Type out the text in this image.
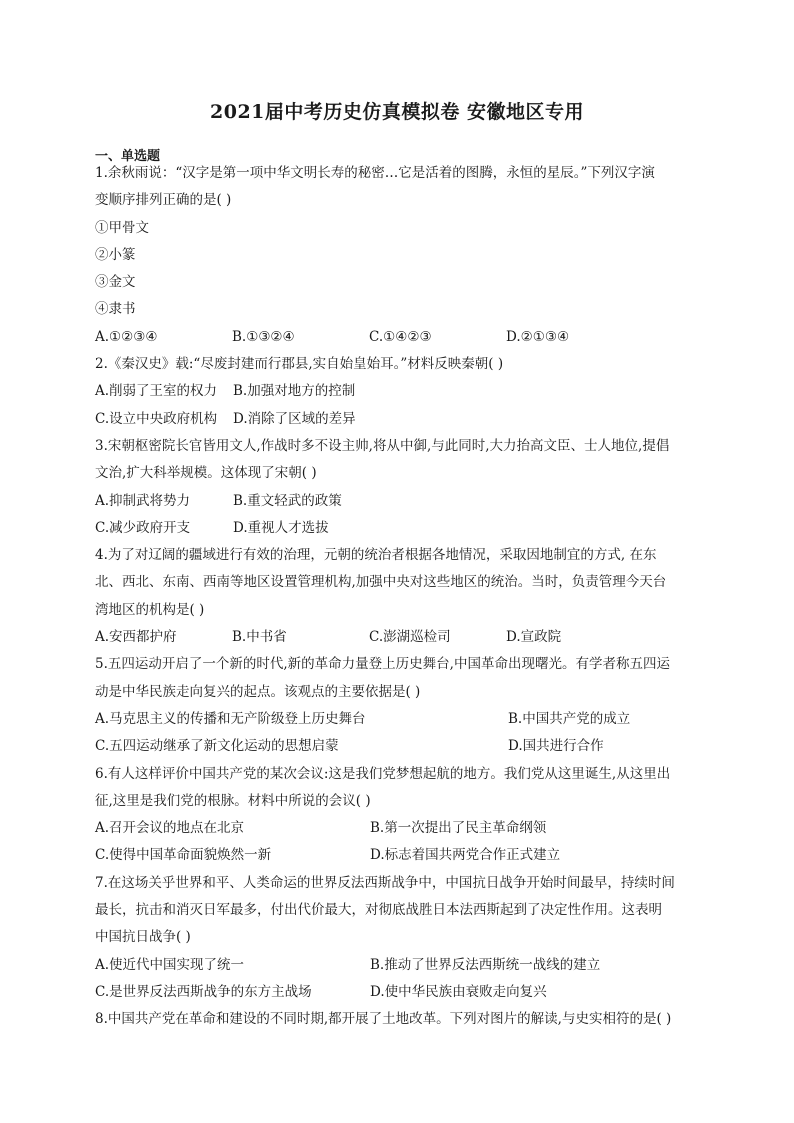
2021届中考历史仿真模拟卷 安徽地区专用
一、单选题
1.余秋雨说：“汉字是第一项中华文明长寿的秘密…它是活着的图腾，永恒的星辰。”下列汉字演
变顺序排列正确的是( )
①甲骨文
②小篆
③金文
④隶书
A.①②③④	B.①③②④	C.①④②③	D.②①③④
2.《秦汉史》载:“尽废封建而行郡县,实自始皇始耳。”材料反映秦朝( )
A.削弱了王室的权力	B.加强对地方的控制
C.设立中央政府机构	D.消除了区域的差异
3.宋朝枢密院长官皆用文人,作战时多不设主帅,将从中御,与此同时,大力抬高文臣、士人地位,提倡
文治,扩大科举规模。这体现了宋朝( )
A.抑制武将势力	B.重文轻武的政策
C.减少政府开支	D.重视人才选拔
4.为了对辽阔的疆域进行有效的治理，元朝的统治者根据各地情况，采取因地制宜的方式, 在东
北、西北、东南、西南等地区设置管理机构,加强中央对这些地区的统治。当时，负责管理今天台
湾地区的机构是( )
A.安西都护府	B.中书省	C.澎湖巡检司	D.宣政院
5.五四运动开启了一个新的时代,新的革命力量登上历史舞台,中国革命出现曙光。有学者称五四运
动是中华民族走向复兴的起点。该观点的主要依据是( )
A.马克思主义的传播和无产阶级登上历史舞台	B.中国共产党的成立
C.五四运动继承了新文化运动的思想启蒙	D.国共进行合作
6.有人这样评价中国共产党的某次会议:这是我们党梦想起航的地方。我们党从这里诞生,从这里出
征,这里是我们党的根脉。材料中所说的会议( )
A.召开会议的地点在北京	B.第一次提出了民主革命纲领
C.使得中国革命面貌焕然一新	D.标志着国共两党合作正式建立
7.在这场关乎世界和平、人类命运的世界反法西斯战争中，中国抗日战争开始时间最早，持续时间
最长，抗击和消灭日军最多，付出代价最大，对彻底战胜日本法西斯起到了决定性作用。这表明
中国抗日战争( )
A.使近代中国实现了统一	B.推动了世界反法西斯统一战线的建立
C.是世界反法西斯战争的东方主战场	D.使中华民族由衰败走向复兴
8.中国共产党在革命和建设的不同时期,都开展了土地改革。下列对图片的解读,与史实相符的是( )
